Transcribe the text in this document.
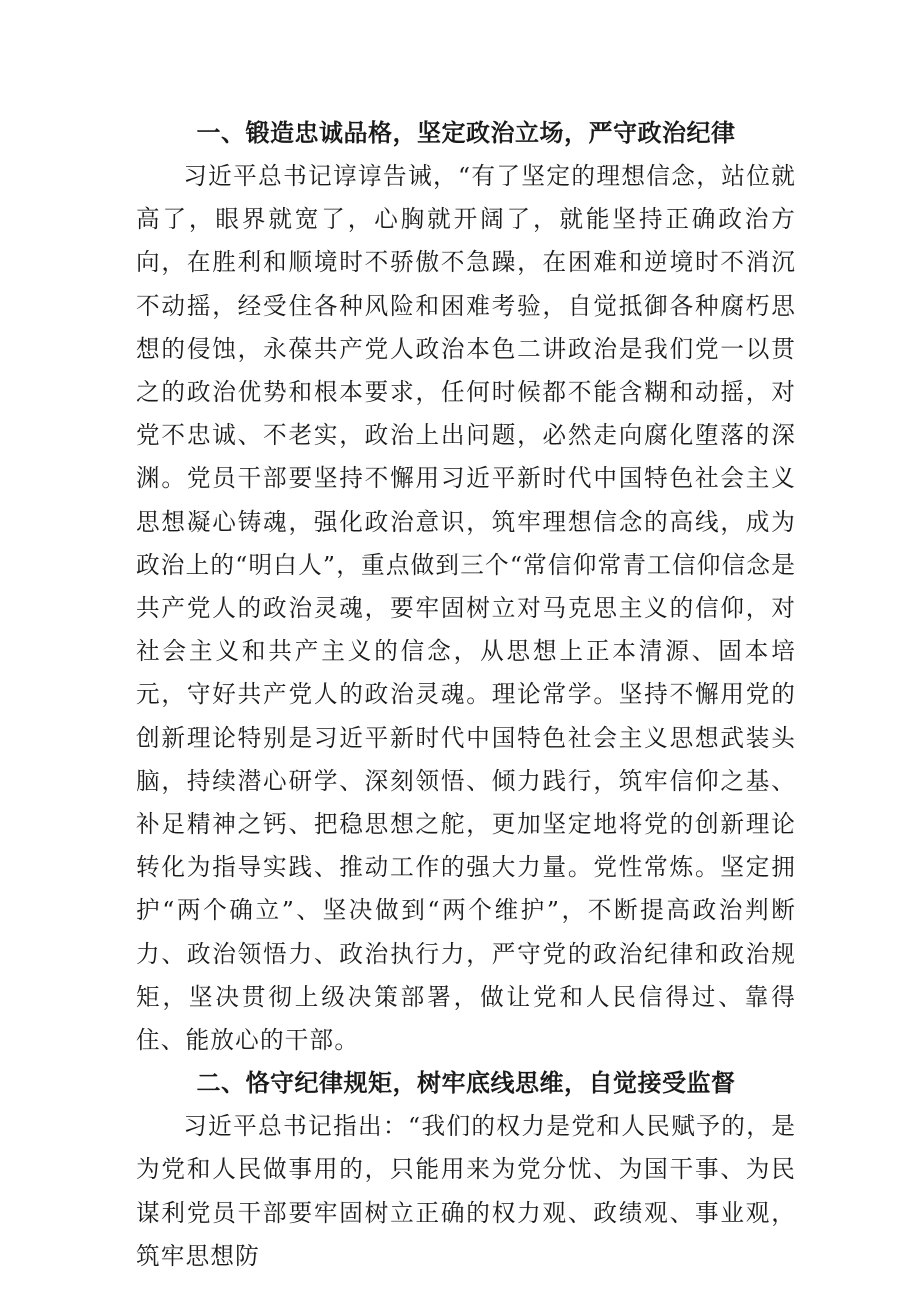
一、锻造忠诚品格，坚定政治立场，严守政治纪律

习近平总书记谆谆告诫，“有了坚定的理想信念，站位就高了，眼界就宽了，心胸就开阔了，就能坚持正确政治方向，在胜利和顺境时不骄傲不急躁，在困难和逆境时不消沉不动摇，经受住各种风险和困难考验，自觉抵御各种腐朽思想的侵蚀，永葆共产党人政治本色二讲政治是我们党一以贯之的政治优势和根本要求，任何时候都不能含糊和动摇，对党不忠诚、不老实，政治上出问题，必然走向腐化堕落的深渊。党员干部要坚持不懈用习近平新时代中国特色社会主义思想凝心铸魂，强化政治意识，筑牢理想信念的高线，成为政治上的“明白人”，重点做到三个“常信仰常青工信仰信念是共产党人的政治灵魂，要牢固树立对马克思主义的信仰，对社会主义和共产主义的信念，从思想上正本清源、固本培元，守好共产党人的政治灵魂。理论常学。坚持不懈用党的创新理论特别是习近平新时代中国特色社会主义思想武装头脑，持续潜心研学、深刻领悟、倾力践行，筑牢信仰之基、补足精神之钙、把稳思想之舵，更加坚定地将党的创新理论转化为指导实践、推动工作的强大力量。党性常炼。坚定拥护“两个确立”、坚决做到“两个维护”，不断提高政治判断力、政治领悟力、政治执行力，严守党的政治纪律和政治规矩，坚决贯彻上级决策部署，做让党和人民信得过、靠得住、能放心的干部。

二、恪守纪律规矩，树牢底线思维，自觉接受监督

习近平总书记指出：“我们的权力是党和人民赋予的，是为党和人民做事用的，只能用来为党分忧、为国干事、为民谋利党员干部要牢固树立正确的权力观、政绩观、事业观，筑牢思想防
